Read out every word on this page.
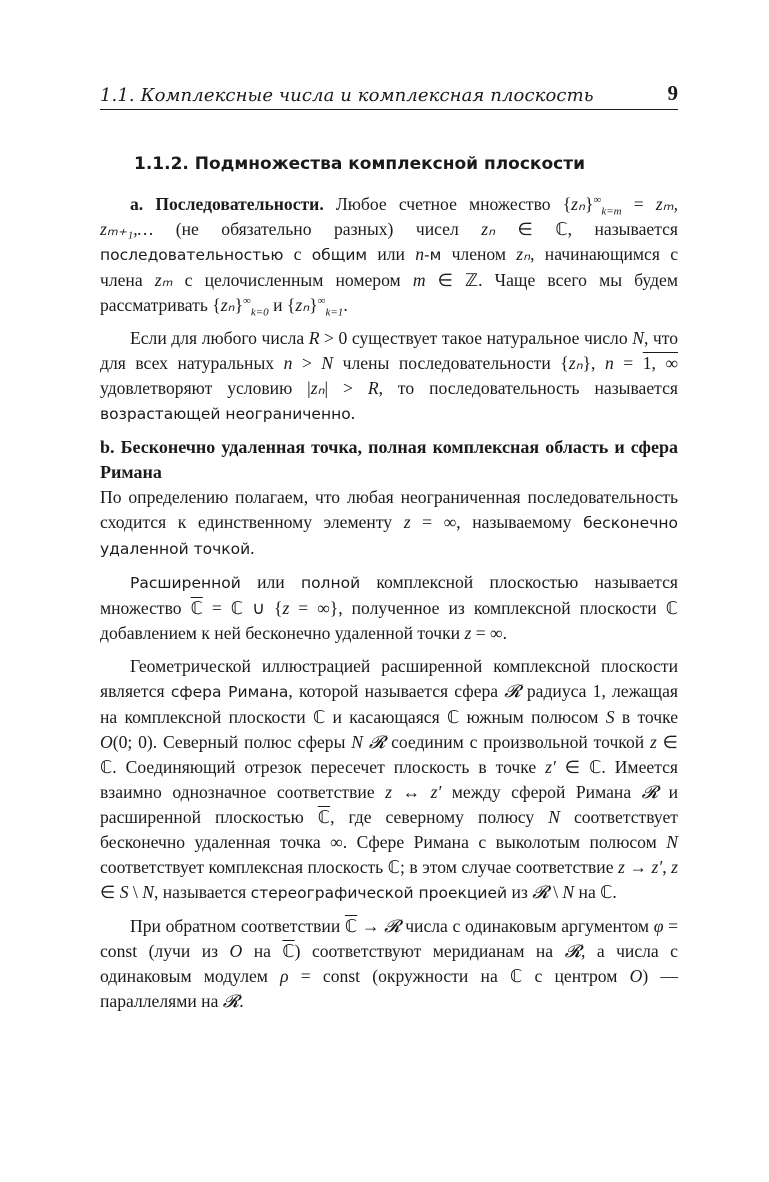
1.1. Комплексные числа и комплексная плоскость	9
1.1.2. Подмножества комплексной плоскости

a. Последовательности. Любое счетное множество $\{z_n\}^\infty_{k=m} = z_m$, zₘ₊₁,… (не обязательно разных) чисел zₙ ∈ ℂ, называется последовательностью с общим или n-м членом zₙ, начинающимся с члена zₘ с целочисленным номером m ∈ ℤ. Чаще всего мы будем рассматривать $\{z_n\}^\infty_{k=0}$ и $\{z_n\}^\infty_{k=1}$.

Если для любого числа R > 0 существует такое натуральное число N, что для всех натуральных n > N члены последовательности {zₙ}, n = 1, ∞ удовлетворяют условию |zₙ| > R, то последовательность называется возрастающей неограниченно.

b. Бесконечно удаленная точка, полная комплексная область и сфера Римана

По определению полагаем, что любая неограниченная последовательность сходится к единственному элементу z = ∞, называемому бесконечно удаленной точкой.

Расширенной или полной комплексной плоскостью называется множество ℂ = ℂ ∪ {z = ∞}, полученное из комплексной плоскости ℂ добавлением к ней бесконечно удаленной точки z = ∞.

Геометрической иллюстрацией расширенной комплексной плоскости является сфера Римана, которой называется сфера 𝓡 радиуса 1, лежащая на комплексной плоскости ℂ и касающаяся ℂ южным полюсом S в точке O(0; 0). Северный полюс сферы N 𝓡 соединим с произвольной точкой z ∈ ℂ. Соединяющий отрезок пересечет плоскость в точке z′ ∈ ℂ. Имеется взаимно однозначное соответствие z ↔ z′ между сферой Римана 𝓡 и расширенной плоскостью ℂ, где северному полюсу N соответствует бесконечно удаленная точка ∞. Сфере Римана с выколотым полюсом N соответствует комплексная плоскость ℂ; в этом случае соответствие z → z′, z ∈ S \ N, называется стереографической проекцией из 𝓡 \ N на ℂ.

При обратном соответствии ℂ → 𝓡 числа с одинаковым аргументом φ = const (лучи из O на ℂ) соответствуют меридианам на 𝓡, а числа с одинаковым модулем ρ = const (окружности на ℂ с центром O) — параллелями на 𝓡.
